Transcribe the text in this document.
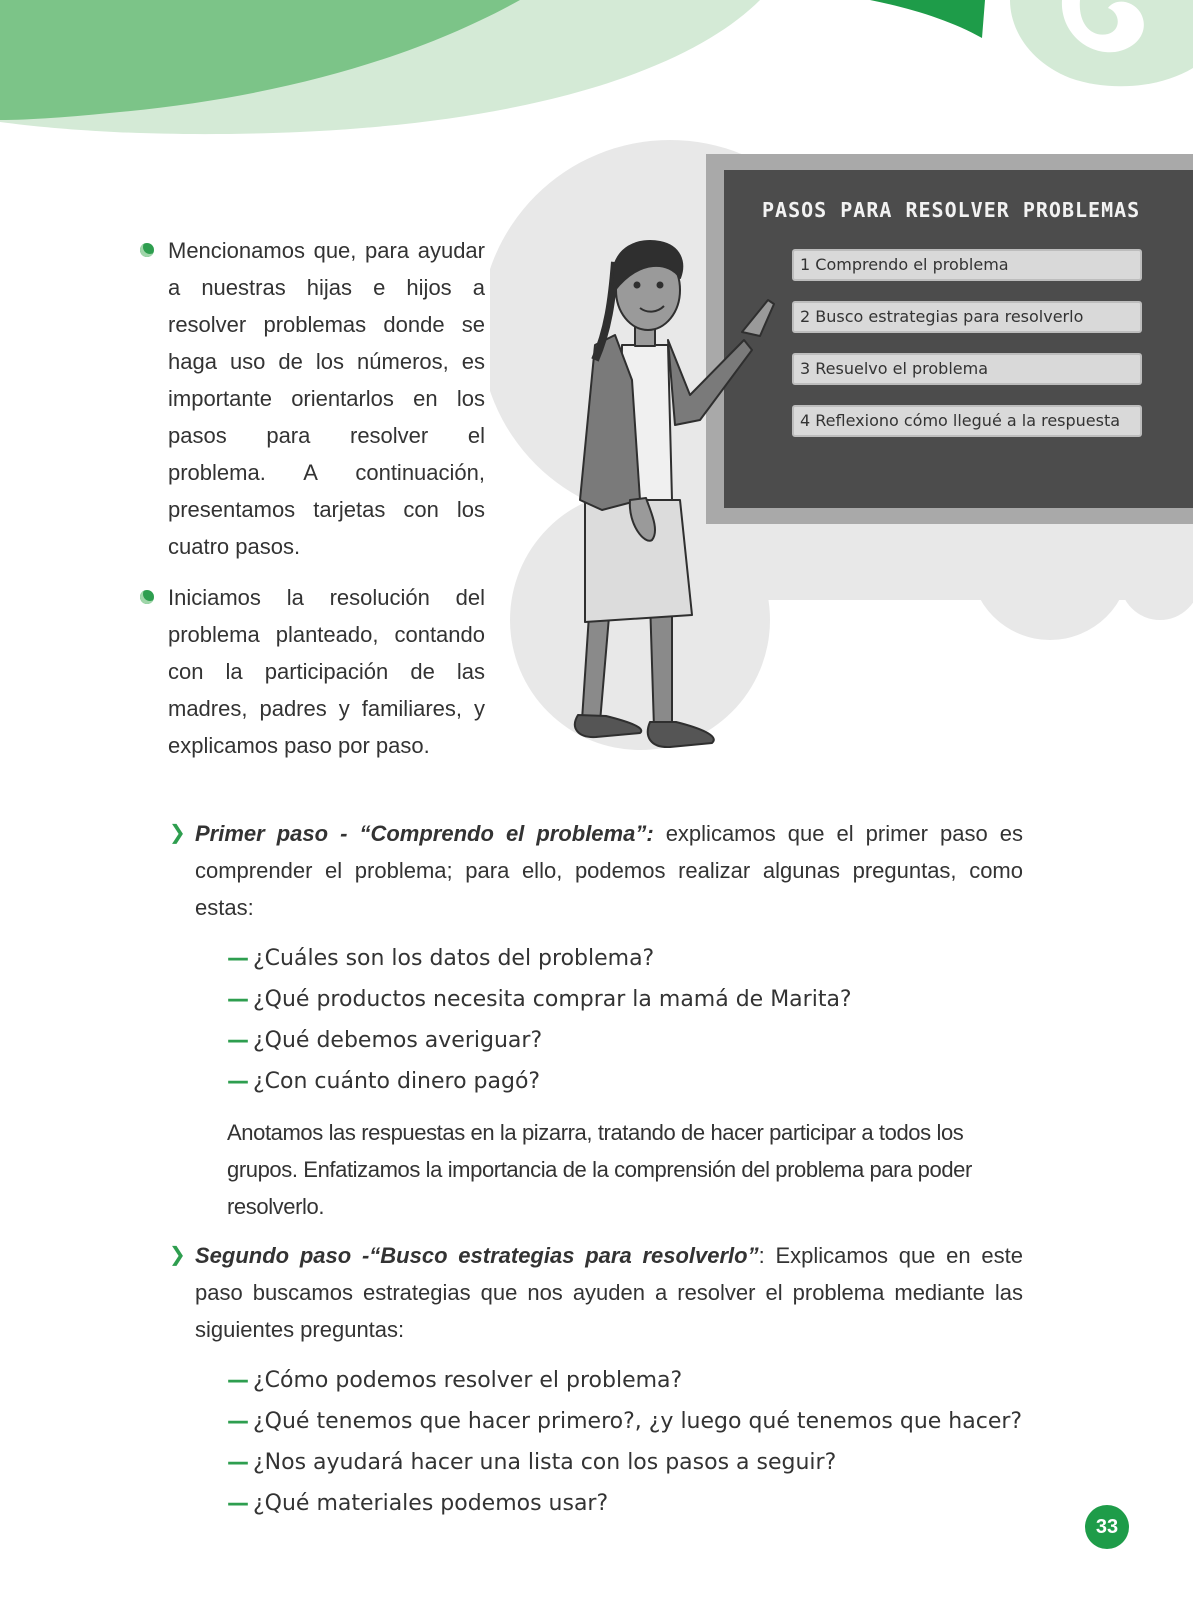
PASOS PARA RESOLVER PROBLEMAS
1 Comprendo el problema
2 Busco estrategias para resolverlo
3 Resuelvo el problema
4 Reflexiono cómo llegué a la respuesta
Mencionamos que, para ayudar a nuestras hijas e hijos a resolver problemas donde se haga uso de los números, es importante orientarlos en los pasos para resolver el problema. A continuación, presentamos tarjetas con los cuatro pasos.
Iniciamos la resolución del problema planteado, contando con la participación de las madres, padres y familiares, y explicamos paso por paso.
❯ Primer paso - “Comprendo el problema”: explicamos que el primer paso es comprender el problema; para ello, podemos realizar algunas preguntas, como estas:
— ¿Cuáles son los datos del problema?
— ¿Qué productos necesita comprar la mamá de Marita?
— ¿Qué debemos averiguar?
— ¿Con cuánto dinero pagó?
Anotamos las respuestas en la pizarra, tratando de hacer participar a todos los grupos. Enfatizamos la importancia de la comprensión del problema para poder resolverlo.
❯ Segundo paso -“Busco estrategias para resolverlo”: Explicamos que en este paso buscamos estrategias que nos ayuden a resolver el problema mediante las siguientes preguntas:
— ¿Cómo podemos resolver el problema?
— ¿Qué tenemos que hacer primero?, ¿y luego qué tenemos que hacer?
— ¿Nos ayudará hacer una lista con los pasos a seguir?
— ¿Qué materiales podemos usar?
33
